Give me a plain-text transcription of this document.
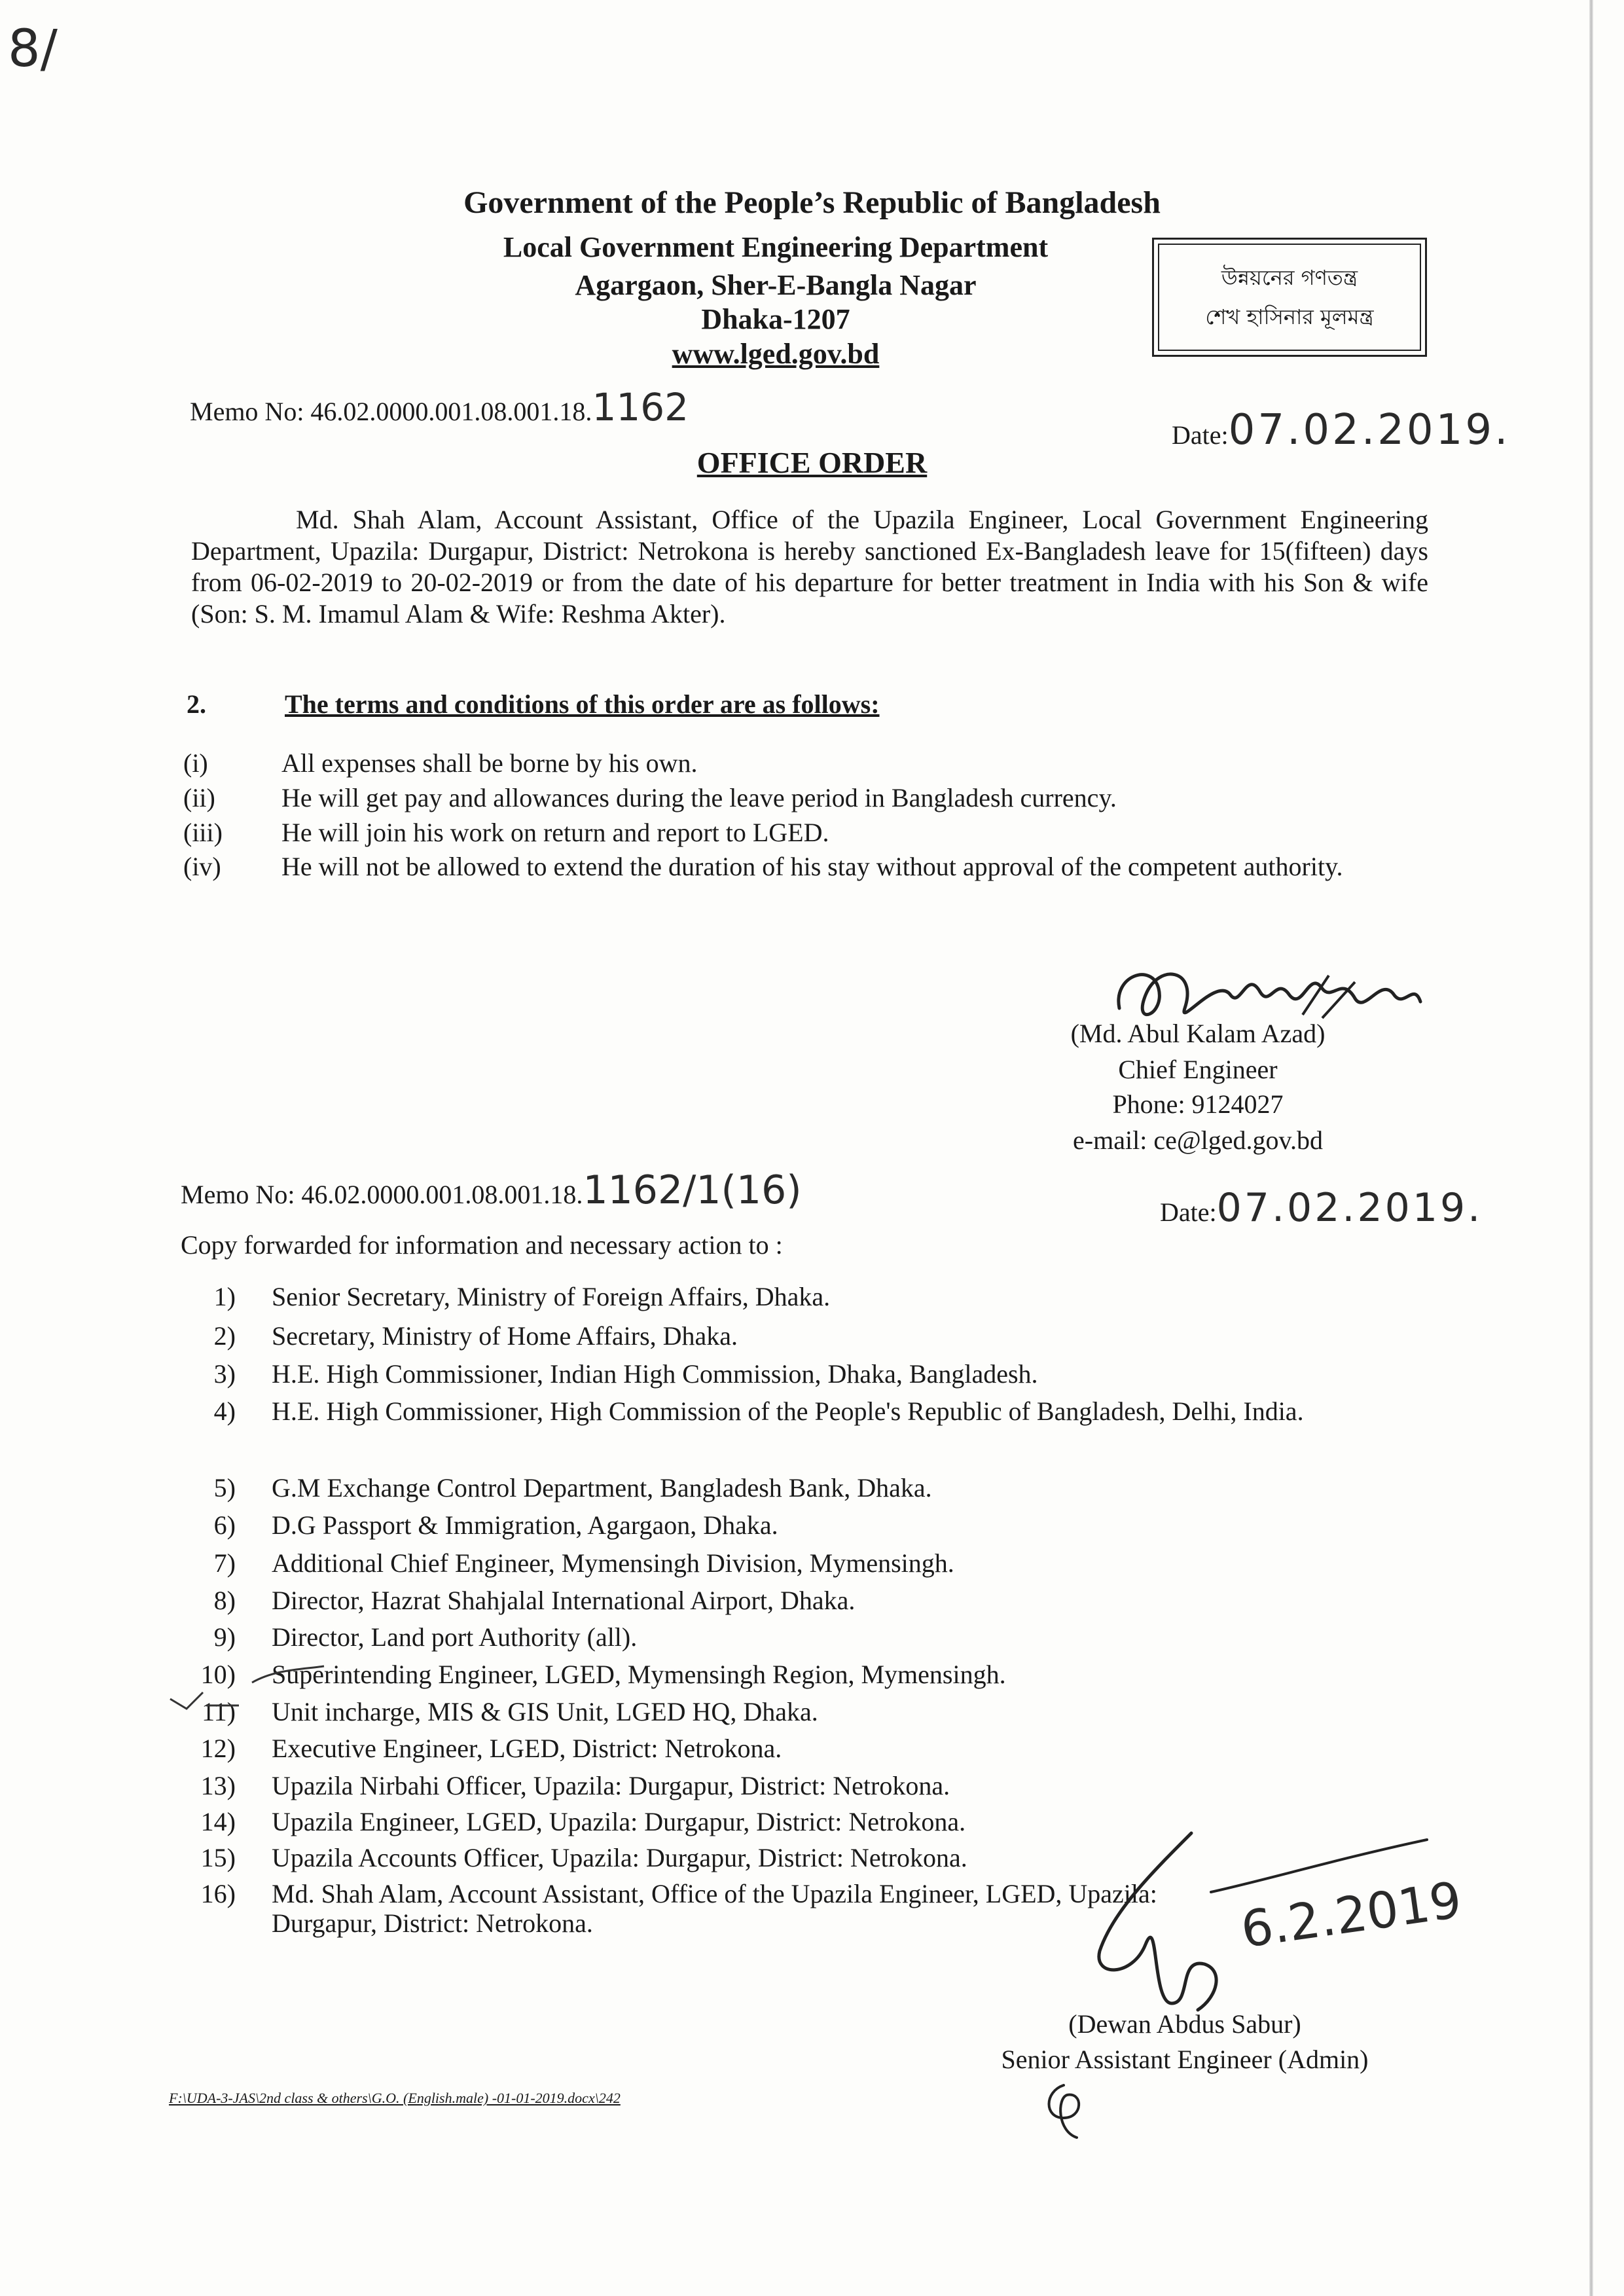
8/
Government of the People’s Republic of Bangladesh
Local Government Engineering Department
Agargaon, Sher-E-Bangla Nagar
Dhaka-1207
www.lged.gov.bd
উন্নয়নের গণতন্ত্র
শেখ হাসিনার মূলমন্ত্র
Memo No: 46.02.0000.001.08.001.18.1162
Date:07.02.2019.
OFFICE ORDER
Md. Shah Alam, Account Assistant, Office of the Upazila Engineer, Local Government Engineering Department, Upazila: Durgapur, District: Netrokona is hereby sanctioned Ex-Bangladesh leave for 15(fifteen) days from 06-02-2019 to 20-02-2019 or from the date of his departure for better treatment in India with his Son & wife (Son: S. M. Imamul Alam & Wife: Reshma Akter).
2.	The terms and conditions of this order are as follows:
(i)	All expenses shall be borne by his own.
(ii)	He will get pay and allowances during the leave period in Bangladesh currency.
(iii) He will join his work on return and report to LGED.
(iv) He will not be allowed to extend the duration of his stay without approval of the competent authority.
(Md. Abul Kalam Azad)
Chief Engineer
Phone: 9124027
e-mail: ce@lged.gov.bd
Memo No: 46.02.0000.001.08.001.18.1162/1(16)	Date:07.02.2019.
Copy forwarded for information and necessary action to :
1) Senior Secretary, Ministry of Foreign Affairs, Dhaka.
2) Secretary, Ministry of Home Affairs, Dhaka.
3) H.E. High Commissioner, Indian High Commission, Dhaka, Bangladesh.
4) H.E. High Commissioner, High Commission of the People's Republic of Bangladesh, Delhi, India.
5) G.M Exchange Control Department, Bangladesh Bank, Dhaka.
6) D.G Passport & Immigration, Agargaon, Dhaka.
7) Additional Chief Engineer, Mymensingh Division, Mymensingh.
8) Director, Hazrat Shahjalal International Airport, Dhaka.
9) Director, Land port Authority (all).
10) Superintending Engineer, LGED, Mymensingh Region, Mymensingh.
11) Unit incharge, MIS & GIS Unit, LGED HQ, Dhaka.
12) Executive Engineer, LGED, District: Netrokona.
13) Upazila Nirbahi Officer, Upazila: Durgapur, District: Netrokona.
14) Upazila Engineer, LGED, Upazila: Durgapur, District: Netrokona.
15) Upazila Accounts Officer, Upazila: Durgapur, District: Netrokona.
16) Md. Shah Alam, Account Assistant, Office of the Upazila Engineer, LGED, Upazila: Durgapur, District: Netrokona.	6.2.2019
(Dewan Abdus Sabur)
Senior Assistant Engineer (Admin)
F:\UDA-3-JAS\2nd class & others\G.O. (English.male) -01-01-2019.docx\242
